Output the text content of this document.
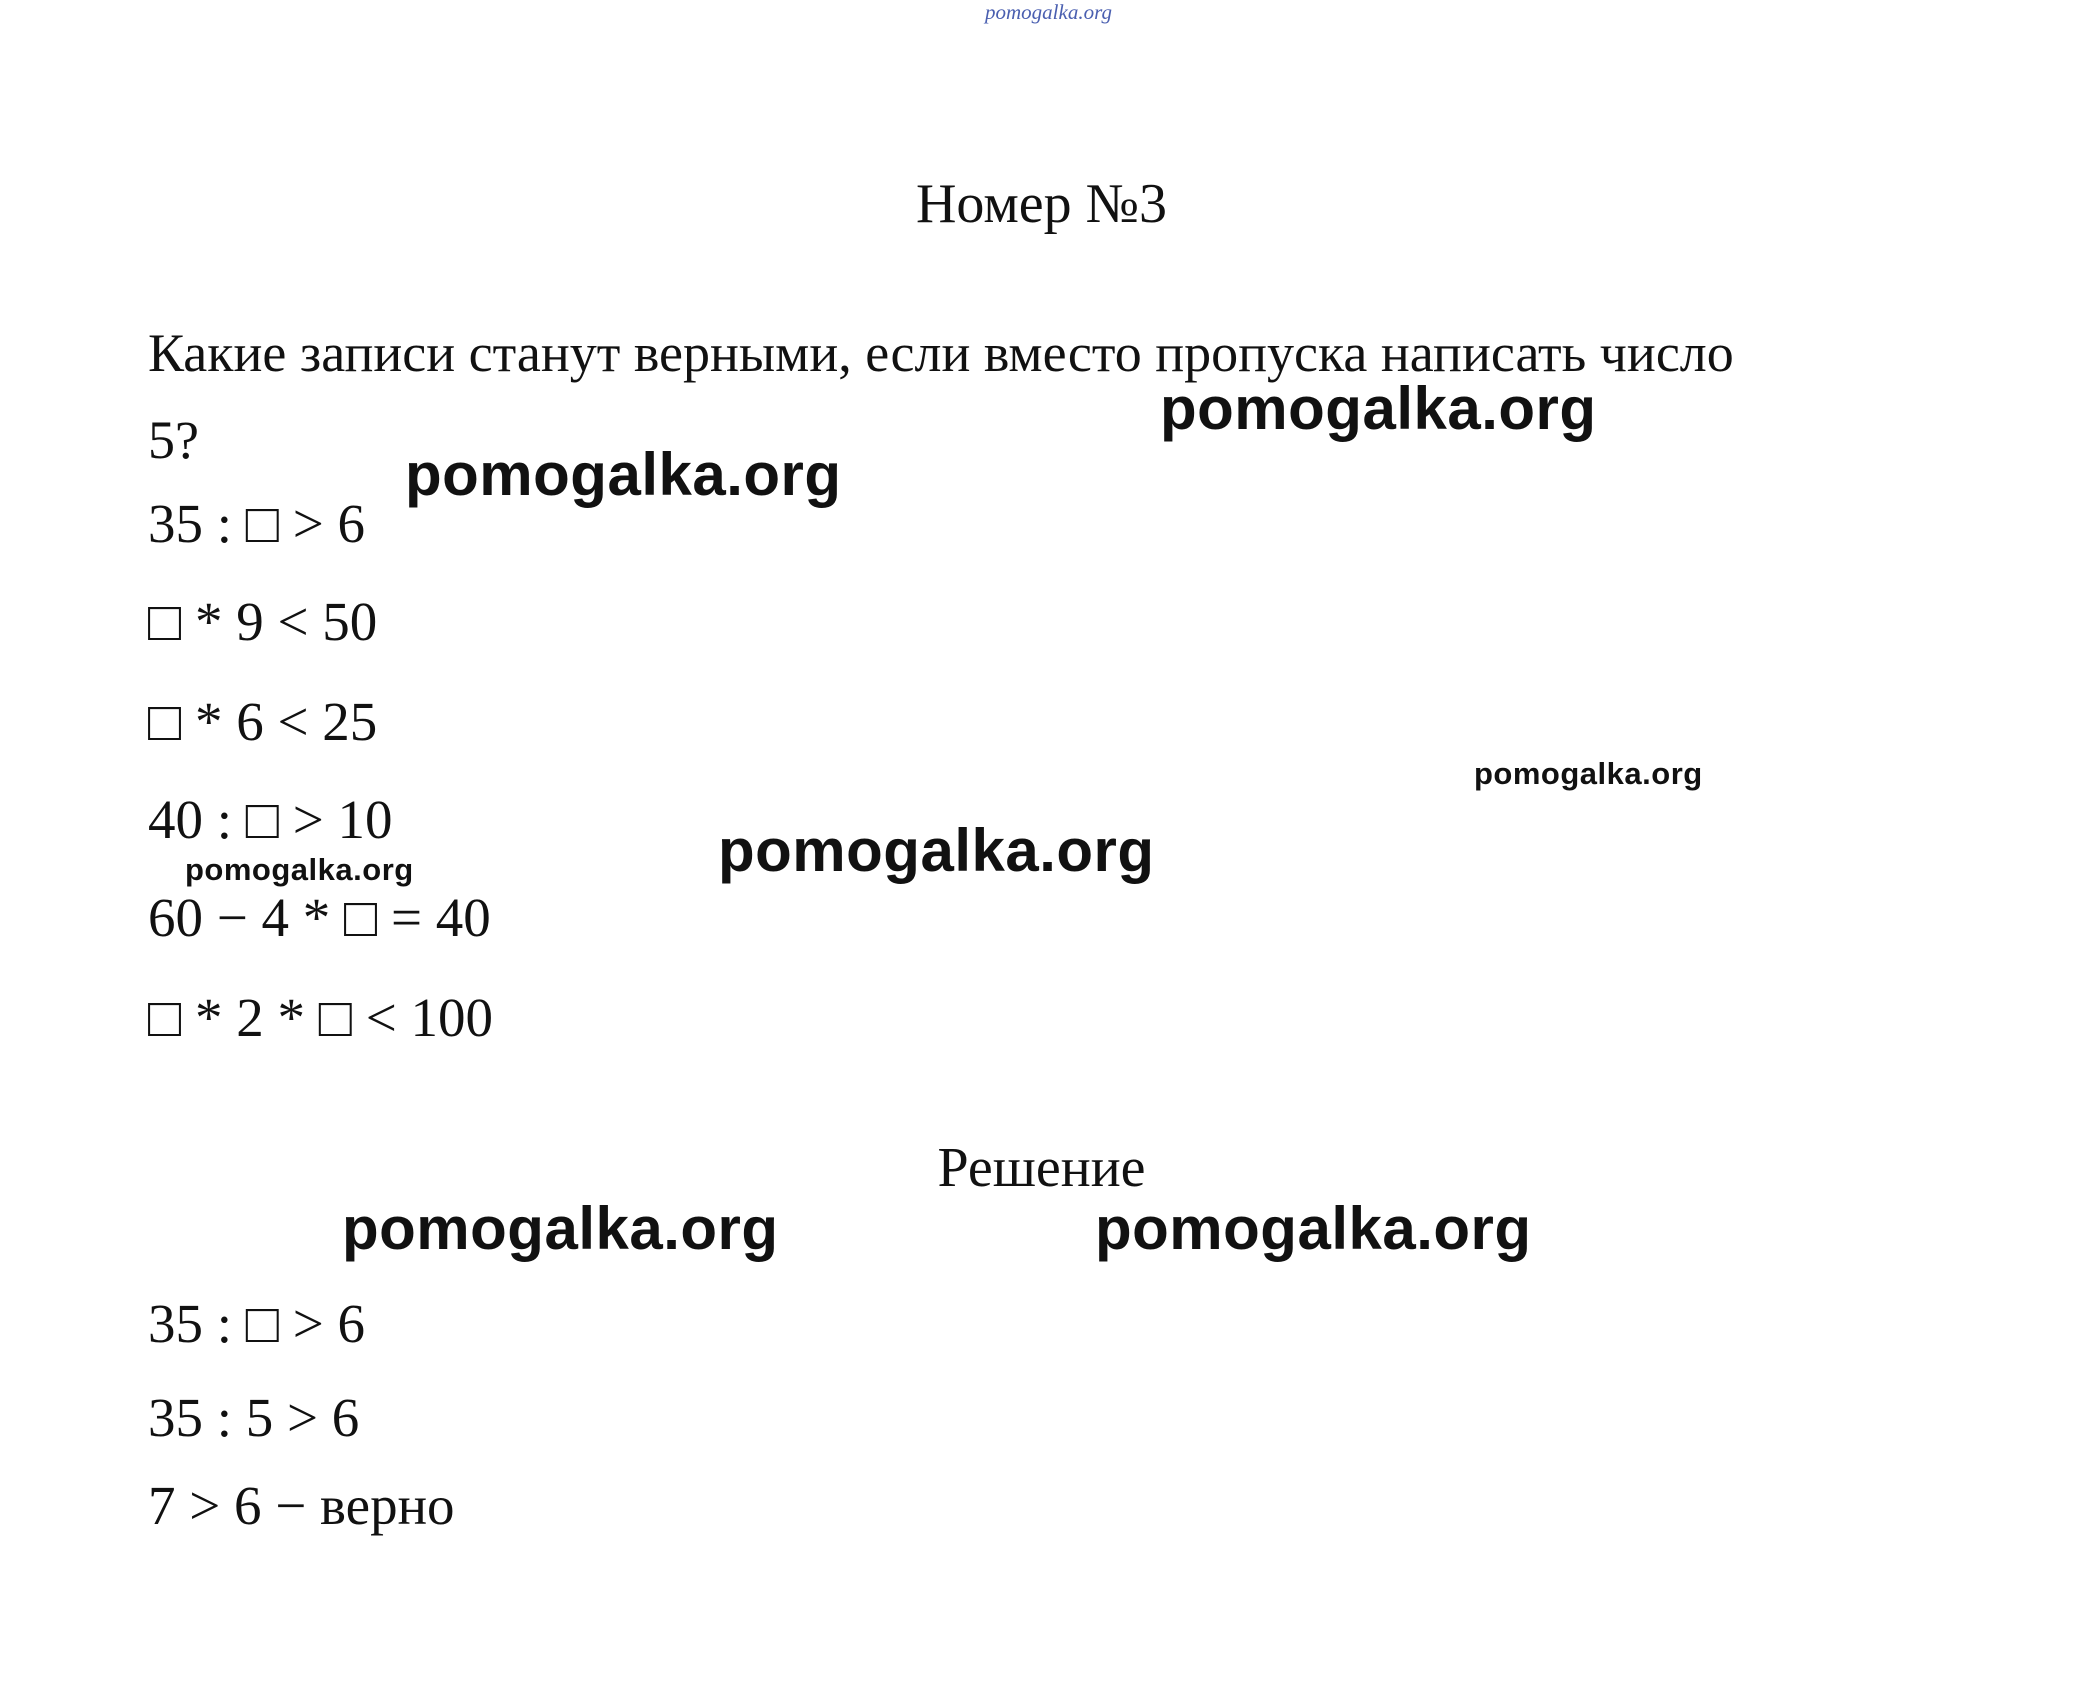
pomogalka.org
Номер №3
Какие записи станут верными, если вместо пропуска написать число 5?
35 : □ > 6
□ * 9 < 50
□ * 6 < 25
40 : □ > 10
60 − 4 * □ = 40
□ * 2 * □ < 100
Решение
35 : □ > 6
35 : 5 > 6
7 > 6 − верно
pomogalka.org
pomogalka.org
pomogalka.org
pomogalka.org
pomogalka.org
pomogalka.org	pomogalka.org
